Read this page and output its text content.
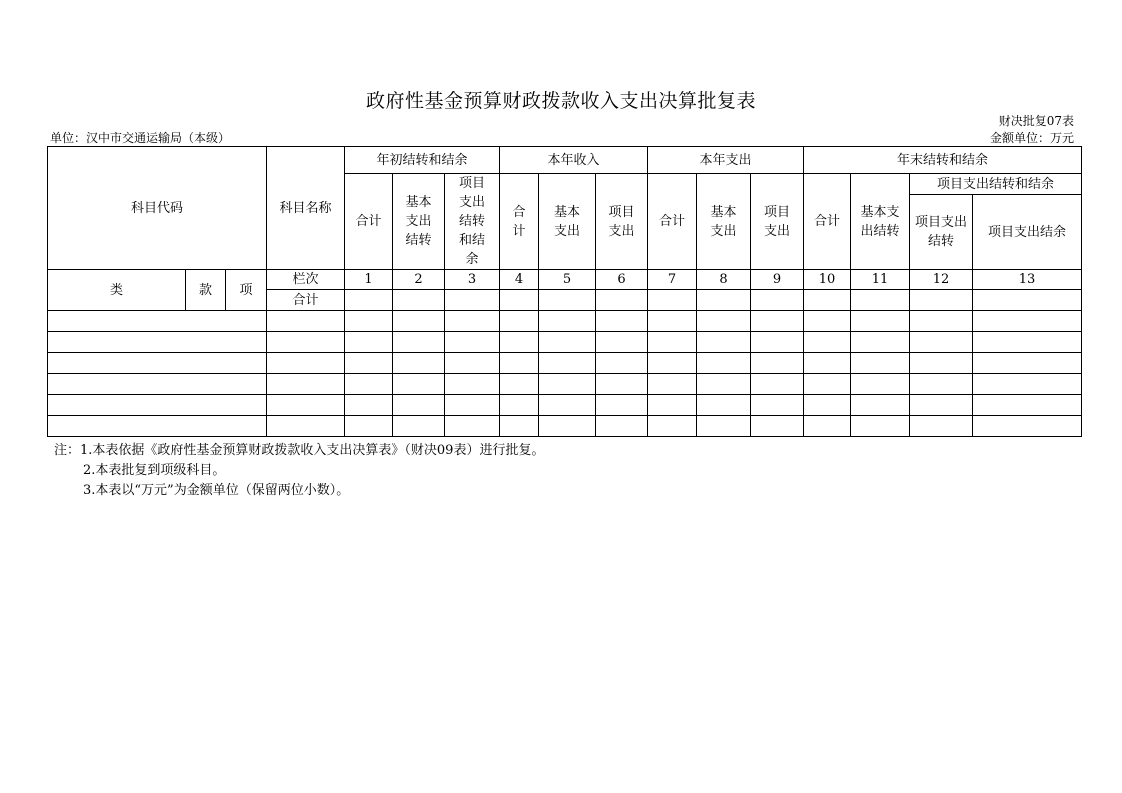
政府性基金预算财政拨款收入支出决算批复表
财决批复07表
单位：汉中市交通运输局（本级）	金额单位：万元
科目代码			科目名称	年初结转和结余			本年收入			本年支出			年末结转和结余			
				合计	基本支出结转	项目支出结转和结余	合计	基本支出	项目支出	合计	基本支出	项目支出	合计	基本支出结转	项目支出结转和结余	
															项目支出结转	项目支出结余
类	款	项	栏次	1	2	3	4	5	6	7	8	9	10	11	12	13
			合计													

注：1.本表依据《政府性基金预算财政拨款收入支出决算表》（财决09表）进行批复。
2.本表批复到项级科目。
3.本表以“万元”为金额单位（保留两位小数）。
